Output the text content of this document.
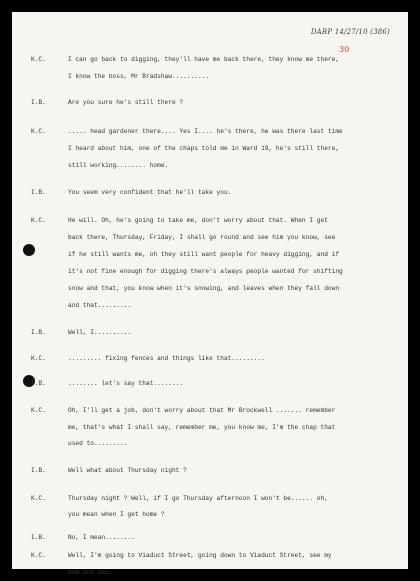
DARP 14/27/10 (386)
30
K.C.	I can go back to digging, they'll have me back there, they know me there,
I know the boss, Mr Bradshaw..........
I.B.	Are you sure he's still there ?
K.C.	..... head gardener there.... Yes I.... he's there, he was there last time
I heard about him, one of the chaps told me in Ward 19, he's still there,
still working........ home.
I.B.	You seem very confident that he'll take you.
K.C.	He will. Oh, he's going to take me, don't worry about that. When I get
back there, Thursday, Friday, I shall go round and see him you know, see
if he still wants me, oh they still want people for heavy digging, and if
it's not fine enough for digging there's always people wanted for shifting
snow and that, you know when it's snowing, and leaves when they fall down
and that.........
I.B.	Well, I..........
K.C.	......... fixing fences and things like that.........
I.B.	........ let's say that........
K.C.	Oh, I'll get a job, don't worry about that Mr Brockwell ....... remember
me, that's what I shall say, remember me, you know me, I'm the chap that
used to.........
I.B.	Well what about Thursday night ?
K.C.	Thursday night ? Well, if I go Thursday afternoon I won't be...... oh,
you mean when I get home ?
I.B.	No, I mean........
K.C.	Well, I'm going to Viaduct Street, going down to Viaduct Street, see my
mum and dad.
